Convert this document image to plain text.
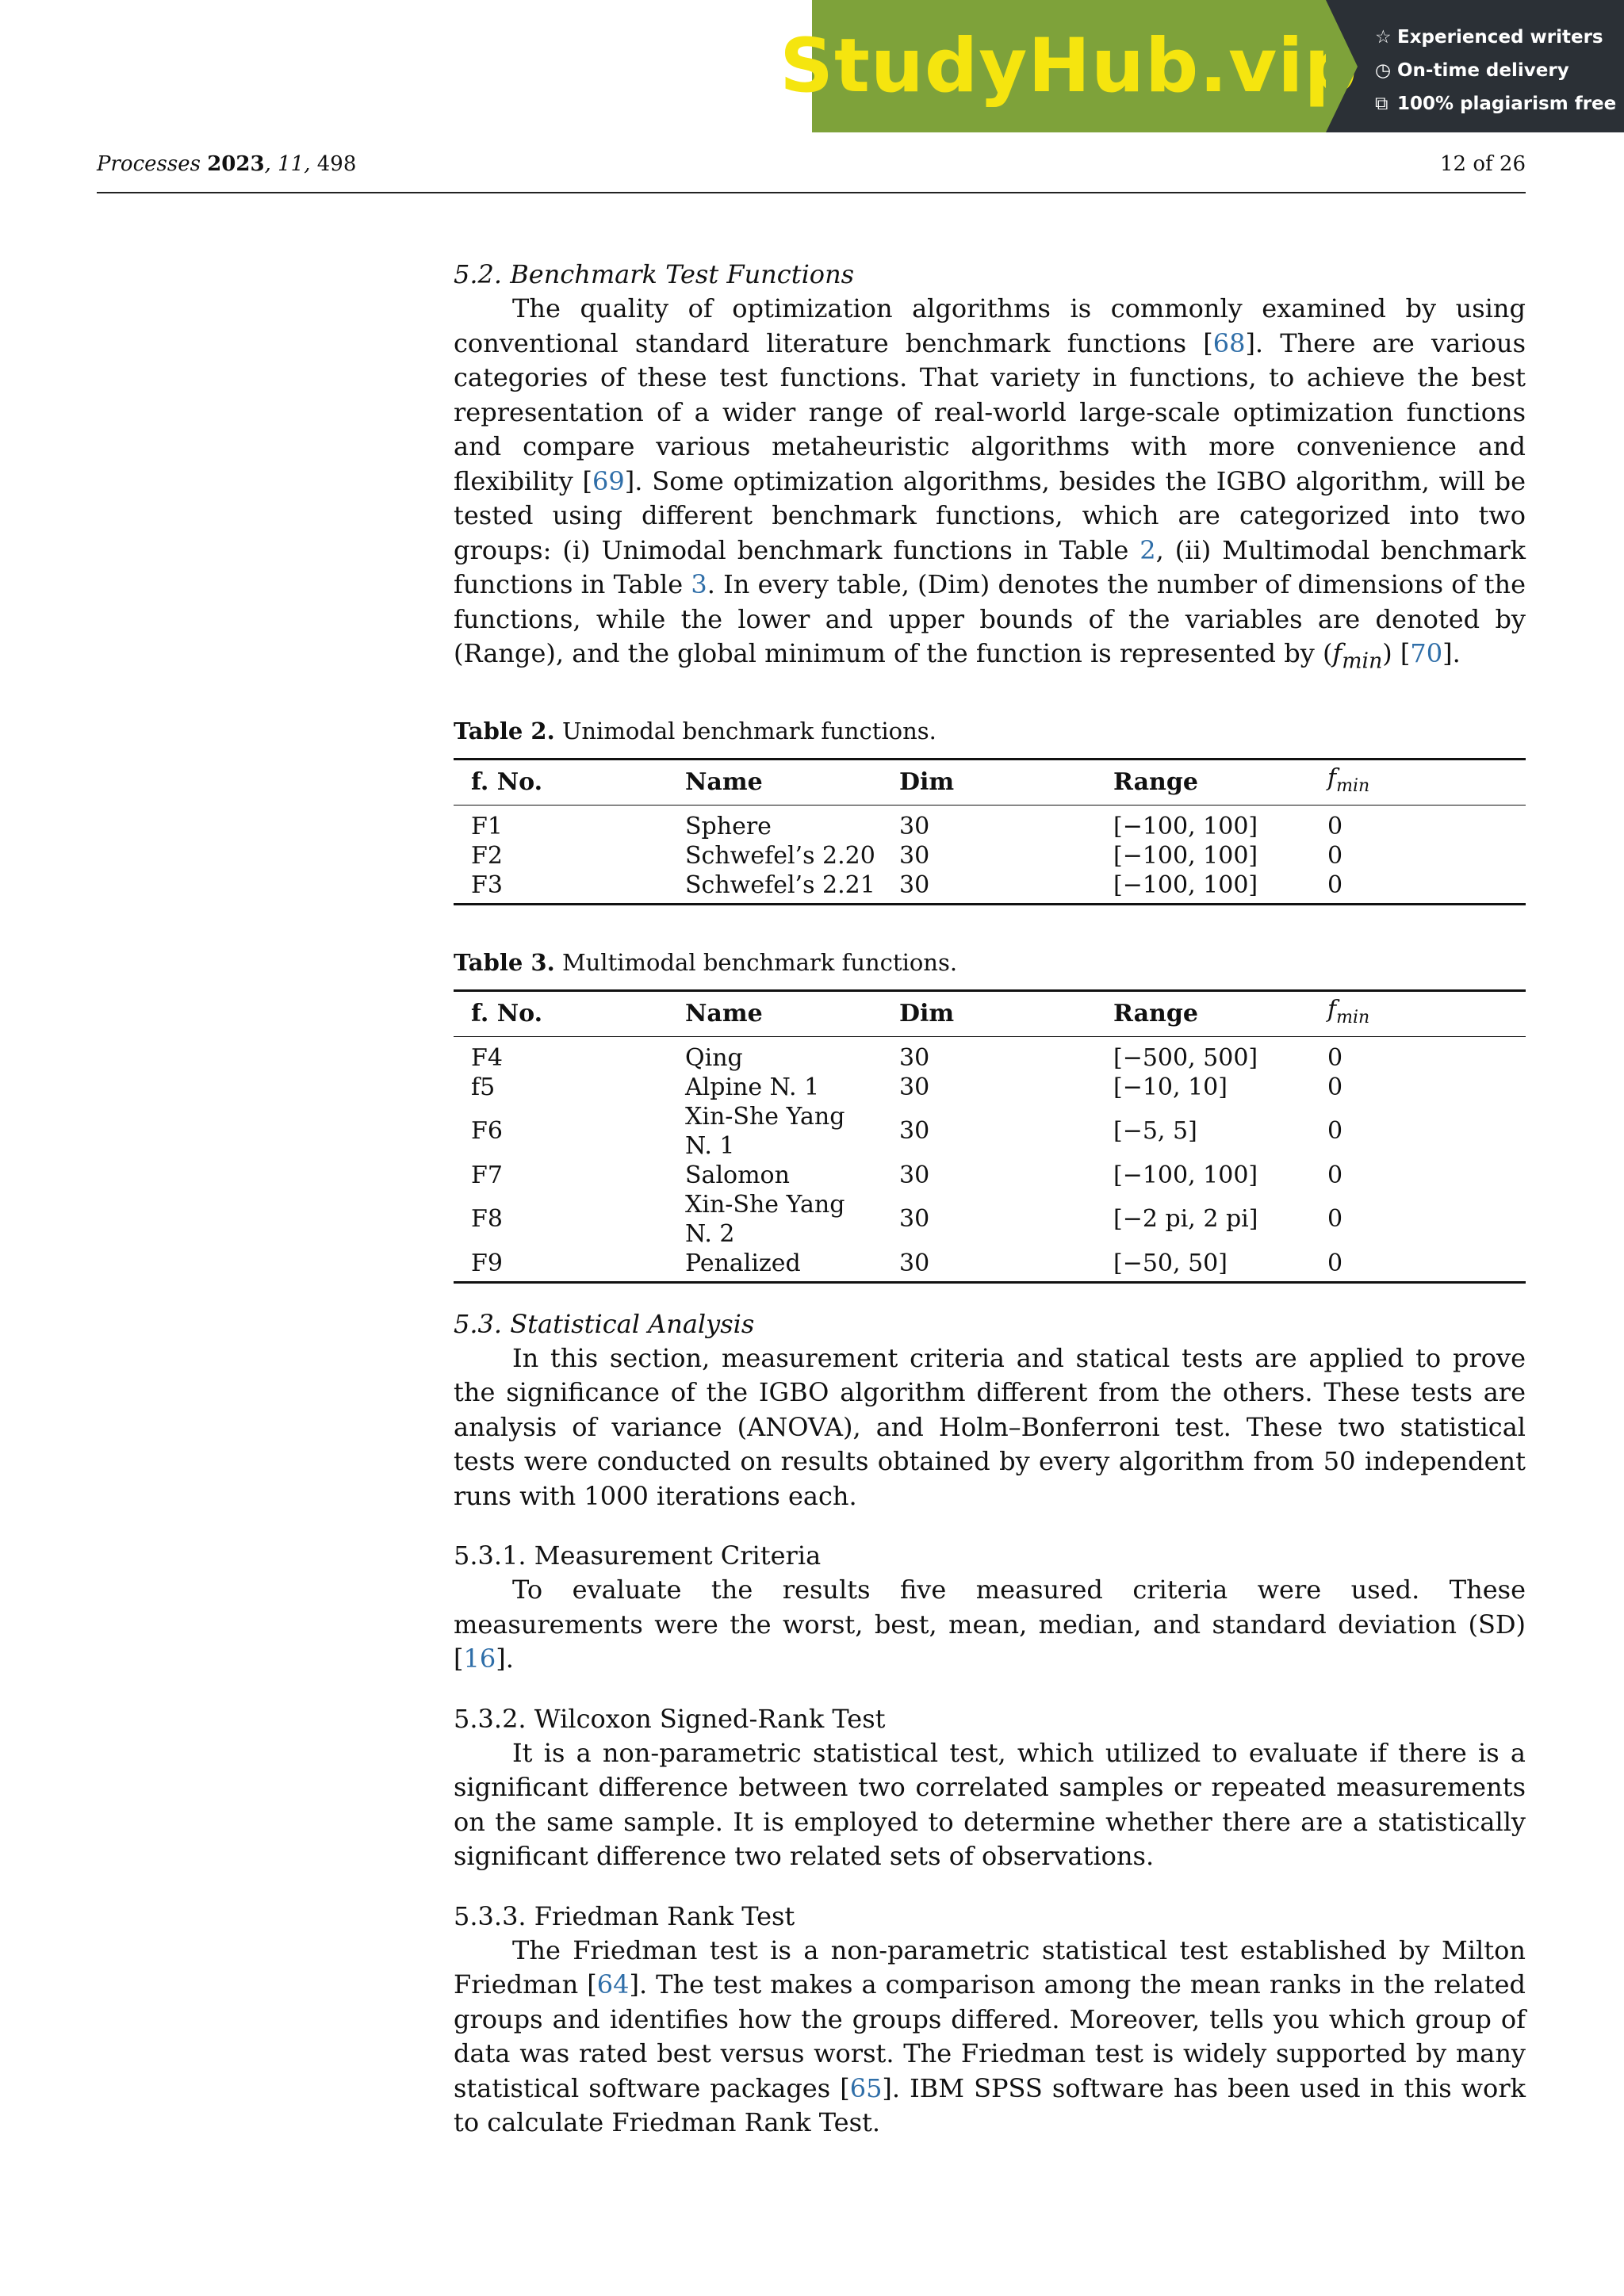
StudyHub.vip ☆ Experienced writers
◷ On-time delivery
⧉ 100% plagiarism free
Processes 2023, 11, 498	12 of 26
5.2. Benchmark Test Functions

The quality of optimization algorithms is commonly examined by using conventional standard literature benchmark functions [68]. There are various categories of these test functions. That variety in functions, to achieve the best representation of a wider range of real-world large-scale optimization functions and compare various metaheuristic algorithms with more convenience and flexibility [69]. Some optimization algorithms, besides the IGBO algorithm, will be tested using different benchmark functions, which are categorized into two groups: (i) Unimodal benchmark functions in Table 2, (ii) Multimodal benchmark functions in Table 3. In every table, (Dim) denotes the number of dimensions of the functions, while the lower and upper bounds of the variables are denoted by (Range), and the global minimum of the function is represented by $(f_{min})$ [70].

Table 2. Unimodal benchmark functions.
f. No.	Name	Dim	Range	$f_{min}$
F1	Sphere	30	[−100, 100]	0
F2	Schwefel’s 2.20	30	[−100, 100]	0
F3	Schwefel’s 2.21	30	[−100, 100]	0
Table 3. Multimodal benchmark functions.
f. No.	Name	Dim	Range	$f_{min}$
F4	Qing	30	[−500, 500]	0
f5	Alpine N. 1	30	[−10, 10]	0
F6	Xin-She Yang N. 1	30	[−5, 5]	0
F7	Salomon	30	[−100, 100]	0
F8	Xin-She Yang N. 2	30	[−2 pi, 2 pi]	0
F9	Penalized	30	[−50, 50]	0
5.3. Statistical Analysis

In this section, measurement criteria and statical tests are applied to prove the significance of the IGBO algorithm different from the others. These tests are analysis of variance (ANOVA), and Holm–Bonferroni test. These two statistical tests were conducted on results obtained by every algorithm from 50 independent runs with 1000 iterations each.

5.3.1. Measurement Criteria

To evaluate the results five measured criteria were used. These measurements were the worst, best, mean, median, and standard deviation (SD) [16].

5.3.2. Wilcoxon Signed-Rank Test

It is a non-parametric statistical test, which utilized to evaluate if there is a significant difference between two correlated samples or repeated measurements on the same sample. It is employed to determine whether there are a statistically significant difference two related sets of observations.

5.3.3. Friedman Rank Test

The Friedman test is a non-parametric statistical test established by Milton Friedman [64]. The test makes a comparison among the mean ranks in the related groups and identifies how the groups differed. Moreover, tells you which group of data was rated best versus worst. The Friedman test is widely supported by many statistical software packages [65]. IBM SPSS software has been used in this work to calculate Friedman Rank Test.
